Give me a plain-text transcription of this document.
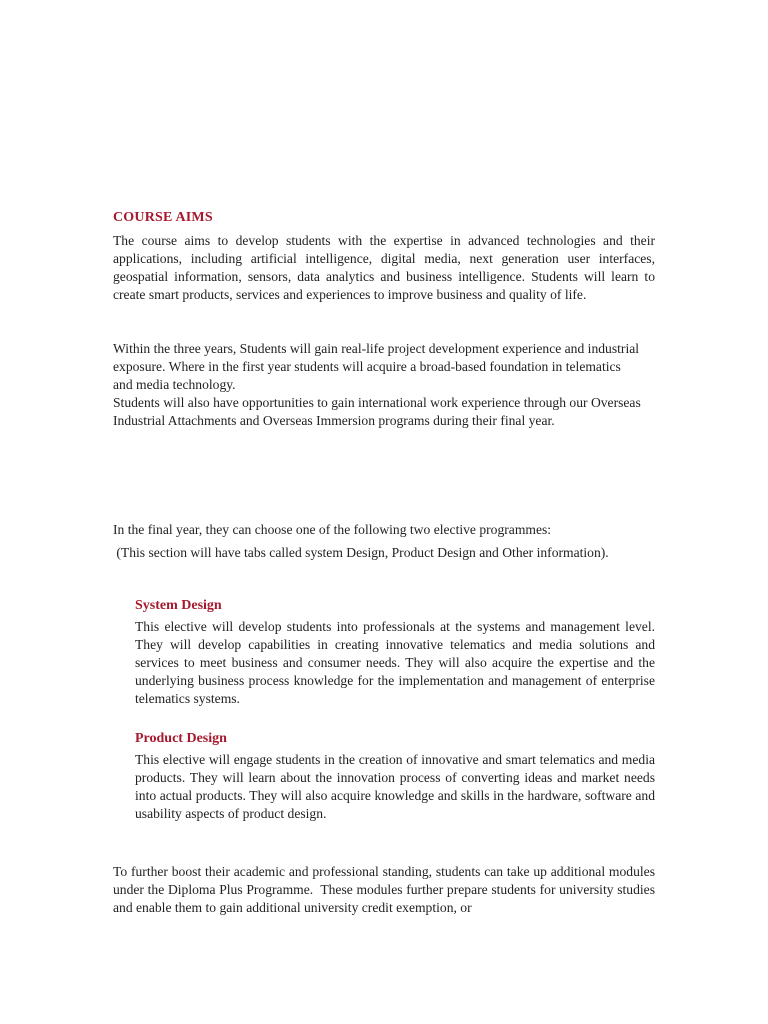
COURSE AIMS

The course aims to develop students with the expertise in advanced technologies and their applications, including artificial intelligence, digital media, next generation user interfaces, geospatial information, sensors, data analytics and business intelligence. Students will learn to create smart products, services and experiences to improve business and quality of life.

Within the three years, Students will gain real-life project development experience and industrial exposure. Where in the first year students will acquire a broad-based foundation in telematics and media technology.

Students will also have opportunities to gain international work experience through our Overseas Industrial Attachments and Overseas Immersion programs during their final year.

In the final year, they can choose one of the following two elective programmes:

(This section will have tabs called system Design, Product Design and Other information).

System Design

This elective will develop students into professionals at the systems and management level. They will develop capabilities in creating innovative telematics and media solutions and services to meet business and consumer needs. They will also acquire the expertise and the underlying business process knowledge for the implementation and management of enterprise telematics systems.

Product Design

This elective will engage students in the creation of innovative and smart telematics and media products. They will learn about the innovation process of converting ideas and market needs into actual products. They will also acquire knowledge and skills in the hardware, software and usability aspects of product design.

To further boost their academic and professional standing, students can take up additional modules under the Diploma Plus Programme.  These modules further prepare students for university studies and enable them to gain additional university credit exemption, or
